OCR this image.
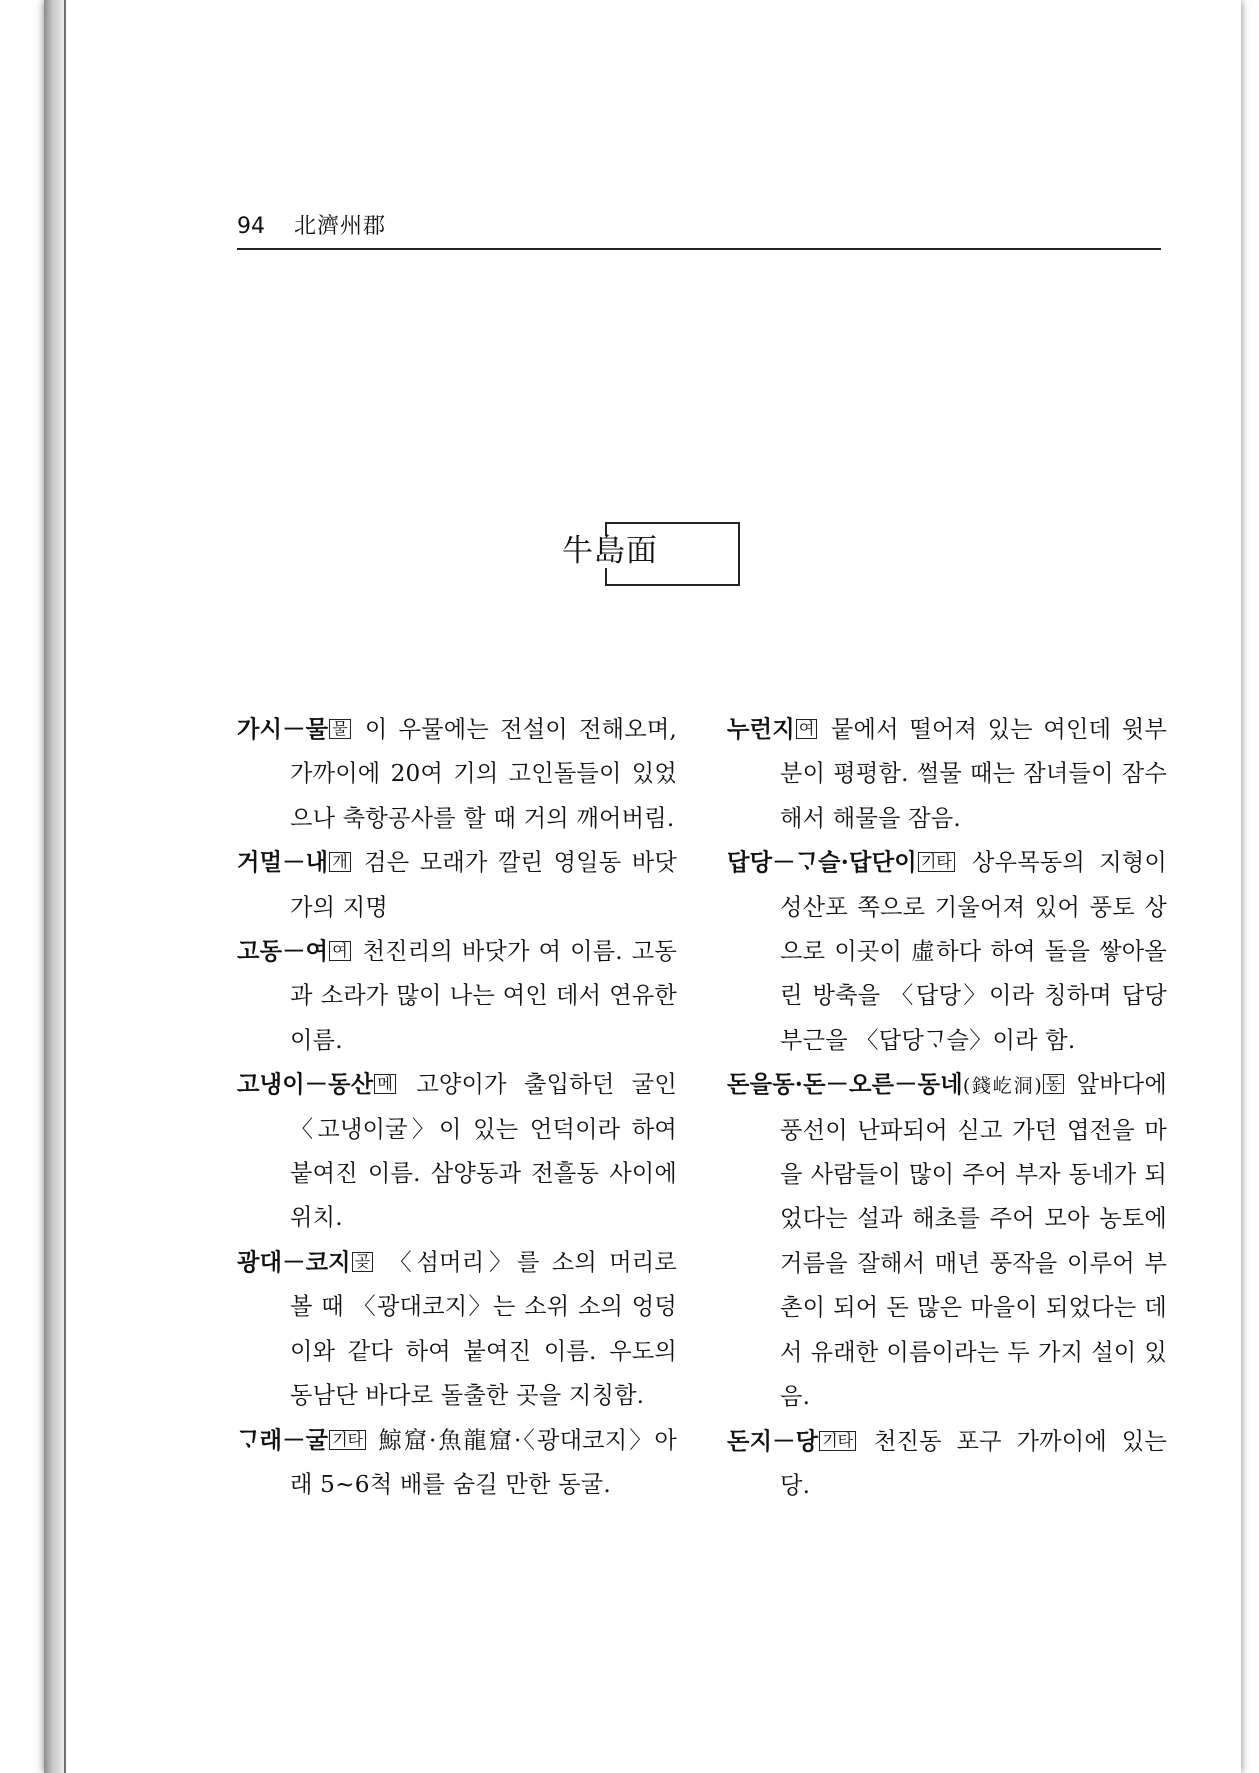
94 北濟州郡
牛島面

가시－물 물 이 우물에는 전설이 전해오며, 가까이에 20여 기의 고인돌들이 있었으나 축항공사를 할 때 거의 깨어버림.

거멀－내 개 검은 모래가 깔린 영일동 바닷가의 지명

고동－여 여 천진리의 바닷가 여 이름. 고동과 소라가 많이 나는 여인 데서 연유한 이름.

고냉이－동산 메 고양이가 출입하던 굴인 〈고냉이굴〉이 있는 언덕이라 하여 붙여진 이름. 삼양동과 전흘동 사이에 위치.

광대－코지 곶 〈섬머리〉를 소의 머리로 볼 때 〈광대코지〉는 소위 소의 엉덩이와 같다 하여 붙여진 이름. 우도의 동남단 바다로 돌출한 곳을 지칭함.

ᄀᆞ래－굴 기타 鯨窟·魚龍窟·〈광대코지〉아래 5~6척 배를 숨길 만한 동굴.

누런지 여 뭍에서 떨어져 있는 여인데 윗부분이 평평함. 썰물 때는 잠녀들이 잠수해서 해물을 잠음.

답당－ᄀᆞ슬·답단이 기타 상우목동의 지형이 성산포 쪽으로 기울어져 있어 풍토 상으로 이곳이 虛하다 하여 돌을 쌓아올린 방축을 〈답당〉이라 칭하며 답당 부근을 〈답당ᄀᆞ슬〉이라 함.

돈을동·돈－오른－동네(錢屹洞) 동 앞바다에 풍선이 난파되어 싣고 가던 엽전을 마을 사람들이 많이 주어 부자 동네가 되었다는 설과 해초를 주어 모아 농토에 거름을 잘해서 매년 풍작을 이루어 부촌이 되어 돈 많은 마을이 되었다는 데서 유래한 이름이라는 두 가지 설이 있음.

돈지－당 기타 천진동 포구 가까이에 있는 당.
